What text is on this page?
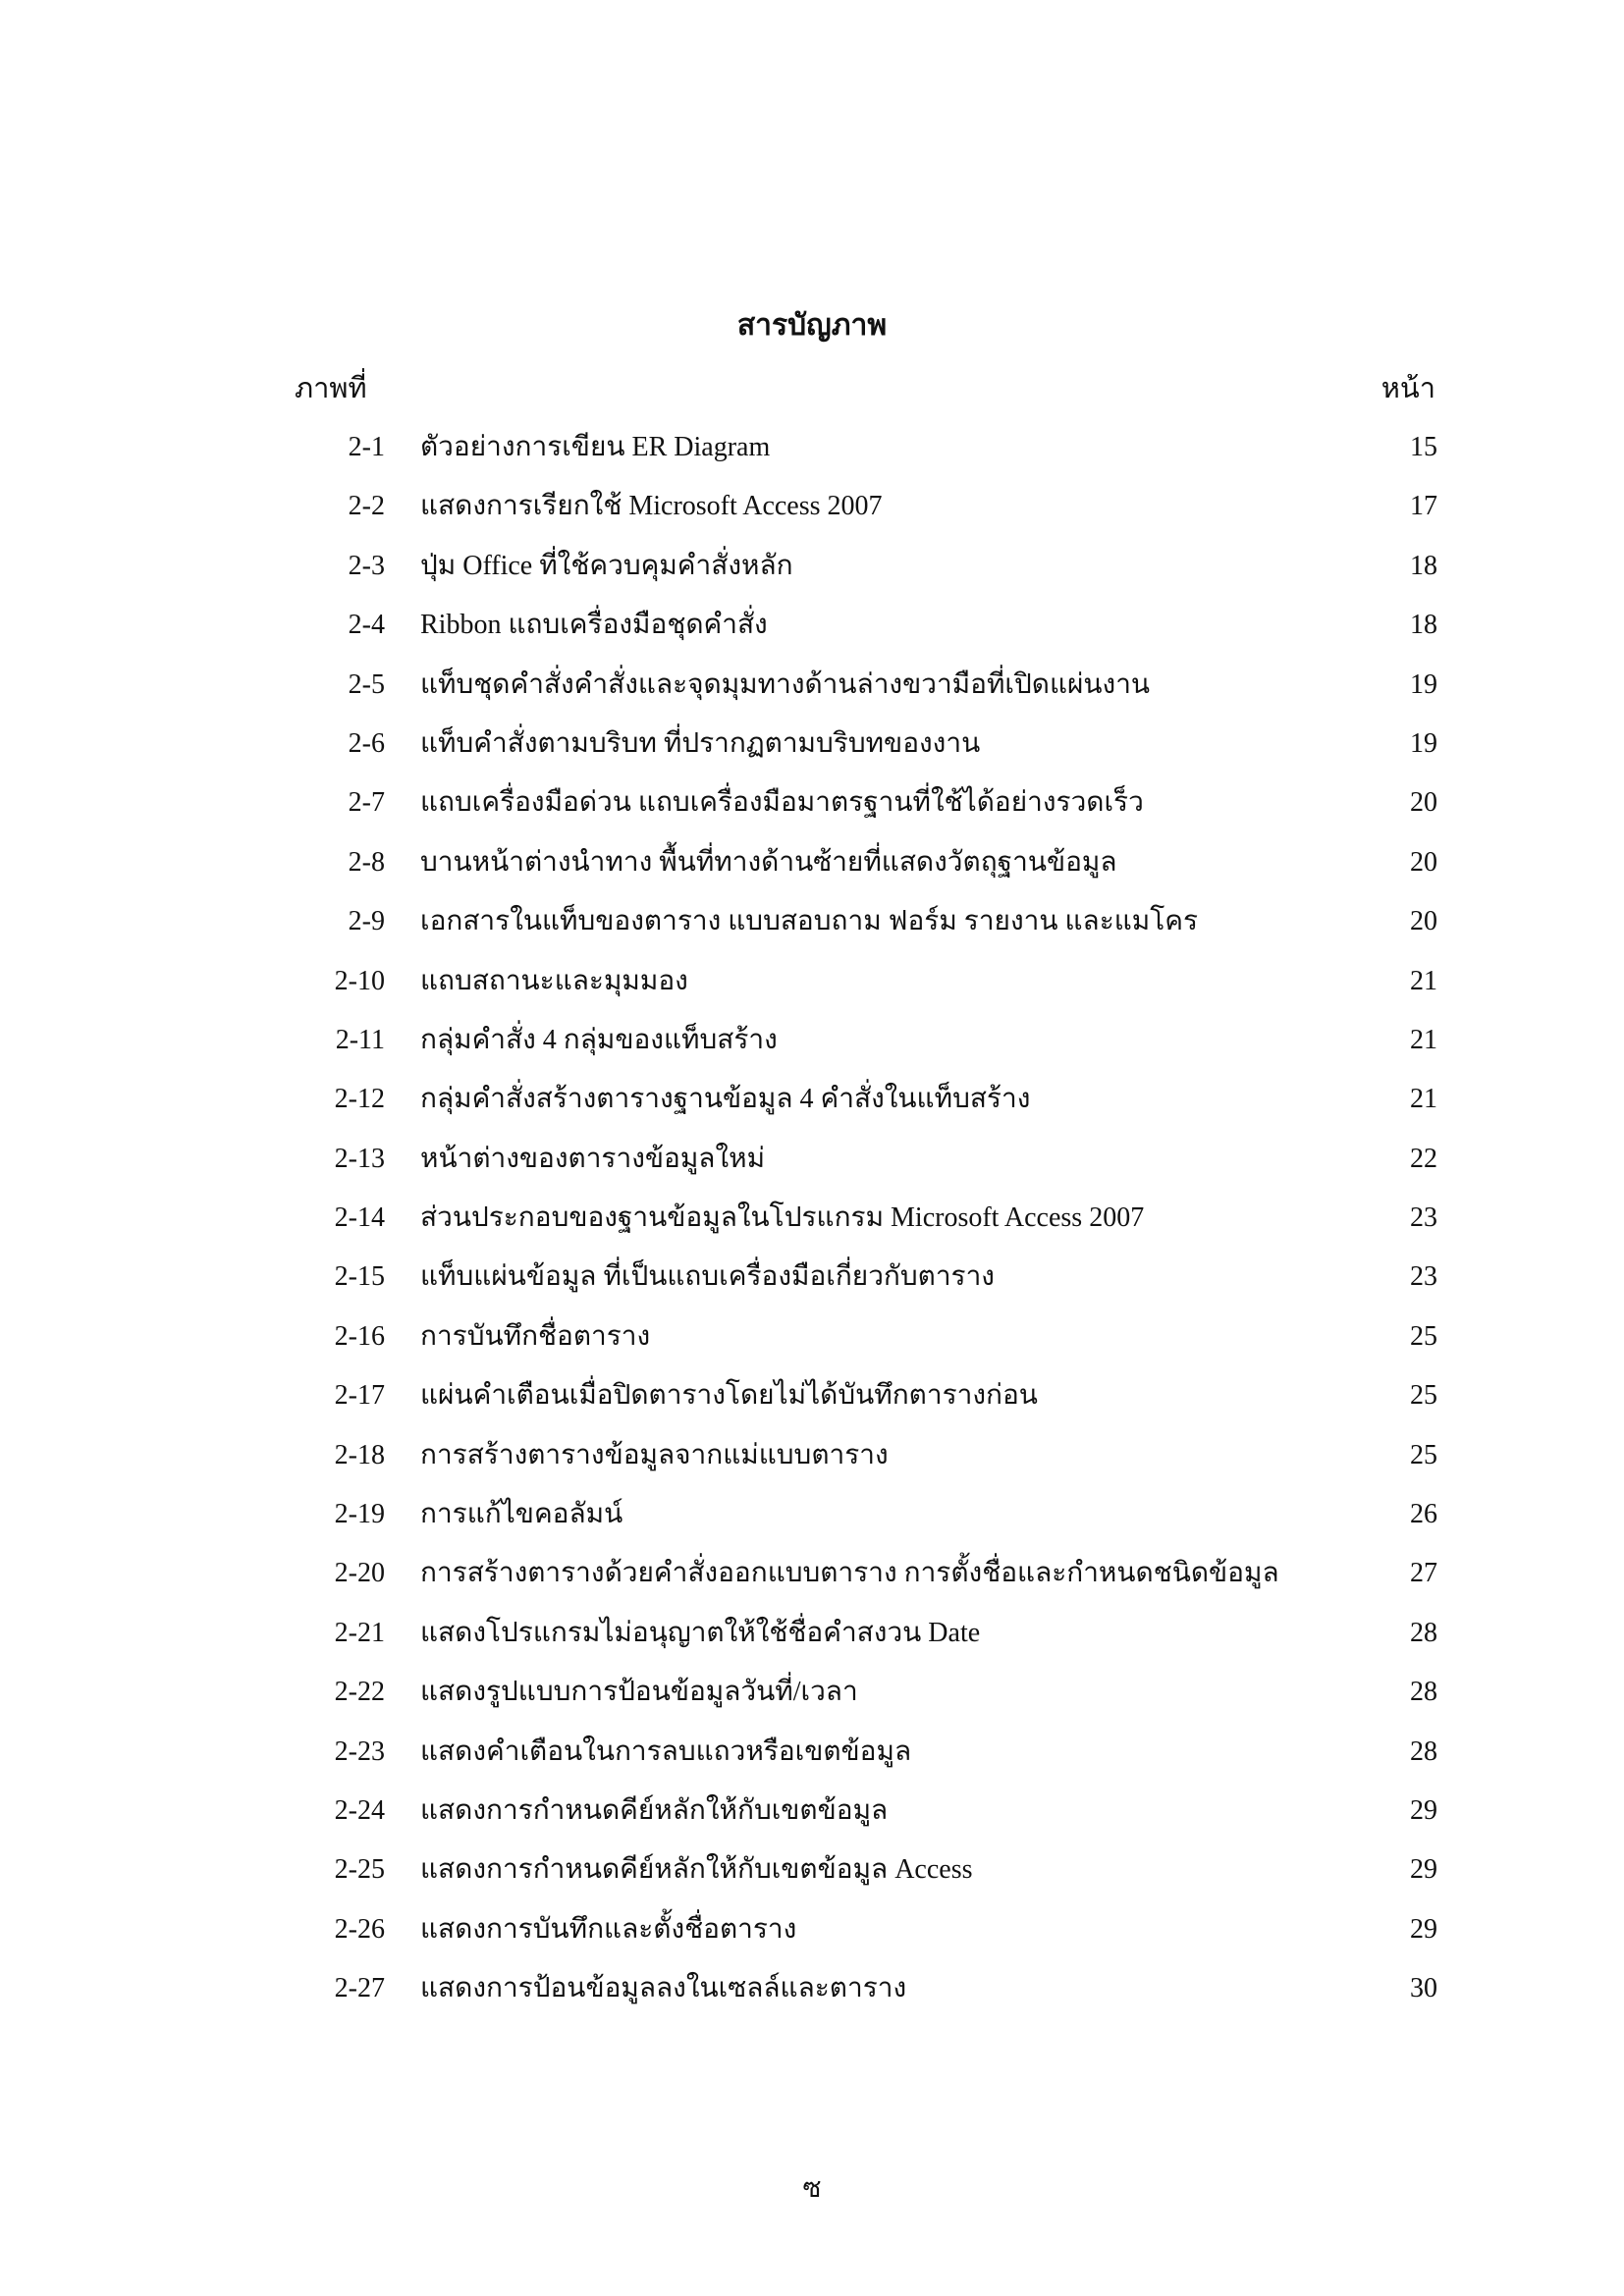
สารบัญภาพ
ภาพที่	หน้า
2-1 ตัวอย่างการเขียน ER Diagram	15
2-2 แสดงการเรียกใช้ Microsoft Access 2007	17
2-3 ปุ่ม Office ที่ใช้ควบคุมคำสั่งหลัก	18
2-4 Ribbon แถบเครื่องมือชุดคำสั่ง	18
2-5 แท็บชุดคำสั่งคำสั่งและจุดมุมทางด้านล่างขวามือที่เปิดแผ่นงาน	19
2-6 แท็บคำสั่งตามบริบท ที่ปรากฏตามบริบทของงาน	19
2-7 แถบเครื่องมือด่วน แถบเครื่องมือมาตรฐานที่ใช้ได้อย่างรวดเร็ว	20
2-8 บานหน้าต่างนำทาง พื้นที่ทางด้านซ้ายที่แสดงวัตถุฐานข้อมูล	20
2-9 เอกสารในแท็บของตาราง แบบสอบถาม ฟอร์ม รายงาน และแมโคร	20
2-10 แถบสถานะและมุมมอง	21
2-11 กลุ่มคำสั่ง 4 กลุ่มของแท็บสร้าง	21
2-12 กลุ่มคำสั่งสร้างตารางฐานข้อมูล 4 คำสั่งในแท็บสร้าง	21
2-13 หน้าต่างของตารางข้อมูลใหม่	22
2-14 ส่วนประกอบของฐานข้อมูลในโปรแกรม Microsoft Access 2007	23
2-15 แท็บแผ่นข้อมูล ที่เป็นแถบเครื่องมือเกี่ยวกับตาราง	23
2-16 การบันทึกชื่อตาราง	25
2-17 แผ่นคำเตือนเมื่อปิดตารางโดยไม่ได้บันทึกตารางก่อน	25
2-18 การสร้างตารางข้อมูลจากแม่แบบตาราง	25
2-19 การแก้ไขคอลัมน์	26
2-20 การสร้างตารางด้วยคำสั่งออกแบบตาราง การตั้งชื่อและกำหนดชนิดข้อมูล	27
2-21 แสดงโปรแกรมไม่อนุญาตให้ใช้ชื่อคำสงวน Date	28
2-22 แสดงรูปแบบการป้อนข้อมูลวันที่/เวลา	28
2-23 แสดงคำเตือนในการลบแถวหรือเขตข้อมูล	28
2-24 แสดงการกำหนดคีย์หลักให้กับเขตข้อมูล	29
2-25 แสดงการกำหนดคีย์หลักให้กับเขตข้อมูล Access	29
2-26 แสดงการบันทึกและตั้งชื่อตาราง	29
2-27 แสดงการป้อนข้อมูลลงในเซลล์และตาราง	30
ซ
